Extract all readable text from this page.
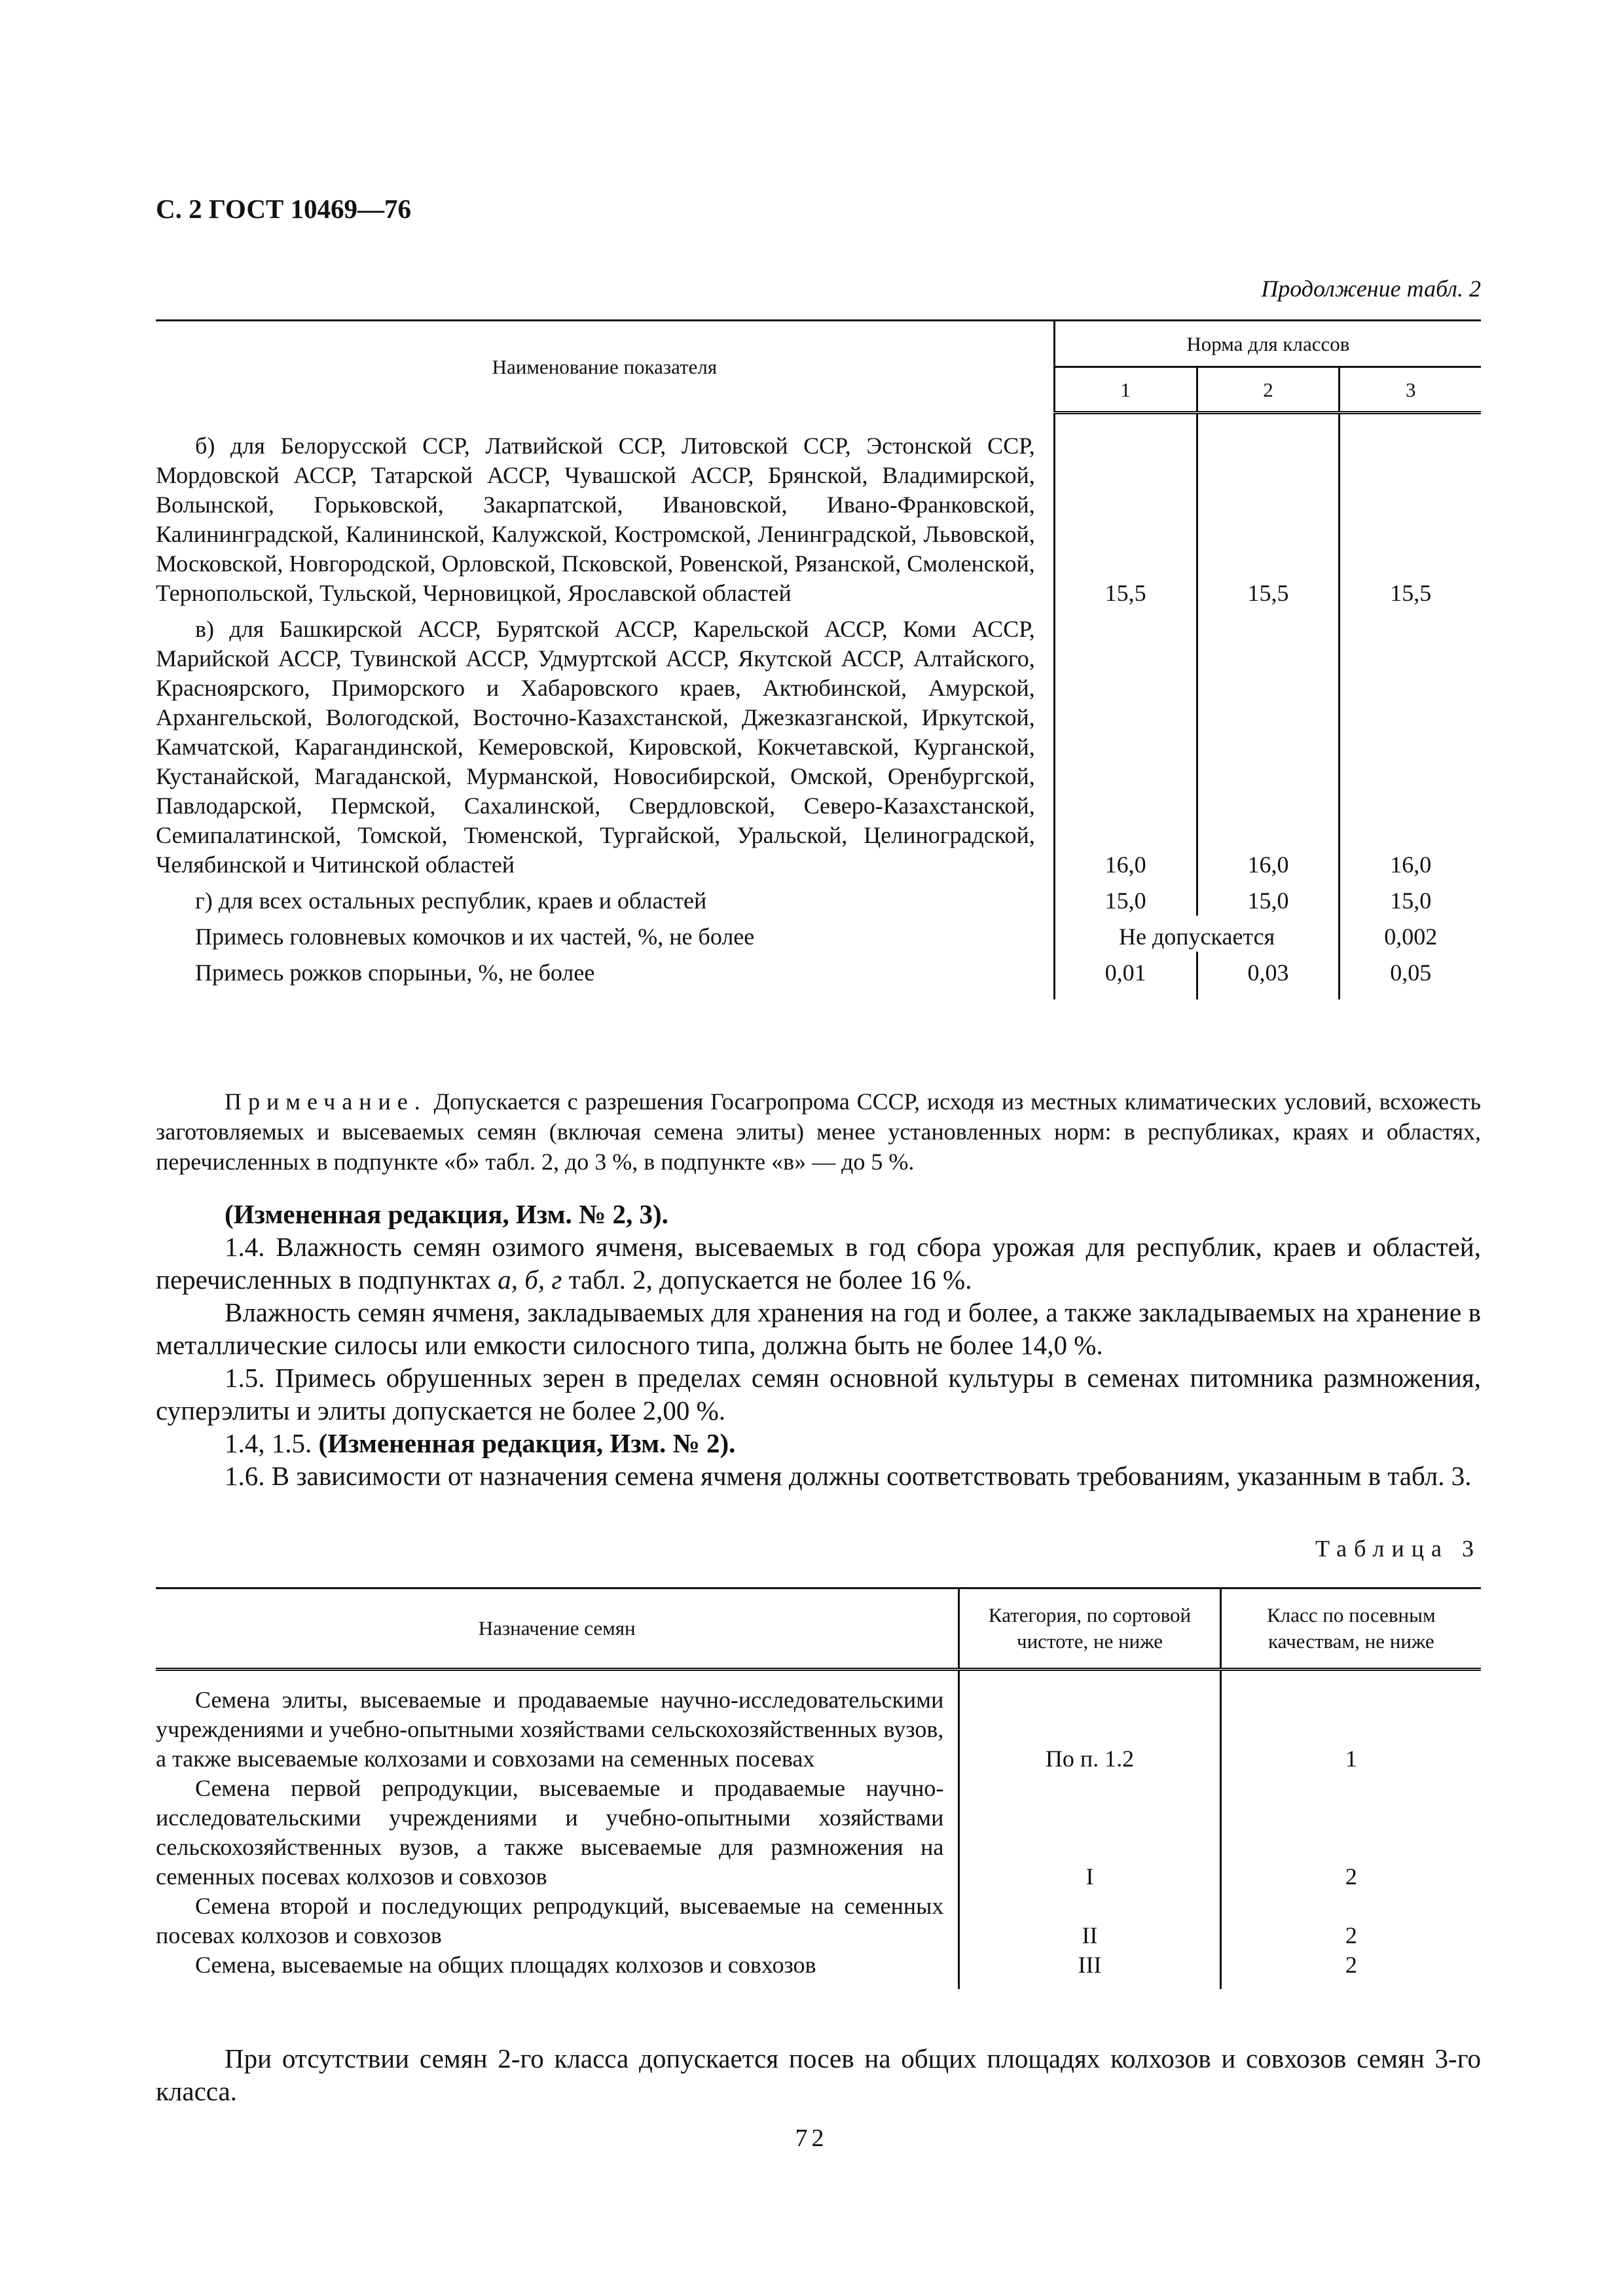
С. 2 ГОСТ 10469—76
Продолжение табл. 2
Наименование показателя	Норма для классов		
	1	2	3

б) для Белорусской ССР, Латвийской ССР, Литовской ССР, Эстонской ССР, Мордовской АССР, Татарской АССР, Чувашской АССР, Брянской, Владимирской, Волынской, Горьковской, Закарпатской, Ивановской, Ивано-Франковской, Калининградской, Калининской, Калужской, Костромской, Ленинградской, Львовской, Московской, Новгородской, Орловской, Псковской, Ровенской, Рязанской, Смоленской, Тернопольской, Тульской, Черновицкой, Ярославской областей	15,5	15,5	15,5

в) для Башкирской АССР, Бурятской АССР, Карельской АССР, Коми АССР, Марийской АССР, Тувинской АССР, Удмуртской АССР, Якутской АССР, Алтайского, Красноярского, Приморского и Хабаровского краев, Актюбинской, Амурской, Архангельской, Вологодской, Восточно-Казахстанской, Джезказганской, Иркутской, Камчатской, Карагандинской, Кемеровской, Кировской, Кокчетавской, Курганской, Кустанайской, Магаданской, Мурманской, Новосибирской, Омской, Оренбургской, Павлодарской, Пермской, Сахалинской, Свердловской, Северо-Казахстанской, Семипалатинской, Томской, Тюменской, Тургайской, Уральской, Целиноградской, Челябинской и Читинской областей	16,0	16,0	16,0

г) для всех остальных республик, краев и областей	15,0	15,0	15,0

Примесь головневых комочков и их частей, %, не более	Не допускается		0,002

Примесь рожков спорыньи, %, не более	0,01	0,03	0,05

Примечание. Допускается с разрешения Госагропрома СССР, исходя из местных климатических условий, всхожесть заготовляемых и высеваемых семян (включая семена элиты) менее установленных норм: в республиках, краях и областях, перечисленных в подпункте «б» табл. 2, до 3 %, в подпункте «в» — до 5 %.

(Измененная редакция, Изм. № 2, 3).

1.4. Влажность семян озимого ячменя, высеваемых в год сбора урожая для республик, краев и областей, перечисленных в подпунктах а, б, г табл. 2, допускается не более 16 %.

Влажность семян ячменя, закладываемых для хранения на год и более, а также закладываемых на хранение в металлические силосы или емкости силосного типа, должна быть не более 14,0 %.

1.5. Примесь обрушенных зерен в пределах семян основной культуры в семенах питомника размножения, суперэлиты и элиты допускается не более 2,00 %.

1.4, 1.5. (Измененная редакция, Изм. № 2).

1.6. В зависимости от назначения семена ячменя должны соответствовать требованиям, указанным в табл. 3.

Таблица 3
Назначение семян	Категория, по сортовой чистоте, не ниже	Класс по посевным качествам, не ниже

Семена элиты, высеваемые и продаваемые научно-исследовательскими учреждениями и учебно-опытными хозяйствами сельскохозяйственных вузов, а также высеваемые колхозами и совхозами на семенных посевах	По п. 1.2	1

Семена первой репродукции, высеваемые и продаваемые научно-исследовательскими учреждениями и учебно-опытными хозяйствами сельскохозяйственных вузов, а также высеваемые для размножения на семенных посевах колхозов и совхозов	I	2

Семена второй и последующих репродукций, высеваемые на семенных посевах колхозов и совхозов	II	2

Семена, высеваемые на общих площадях колхозов и совхозов	III	2

При отсутствии семян 2-го класса допускается посев на общих площадях колхозов и совхозов семян 3-го класса.

72
